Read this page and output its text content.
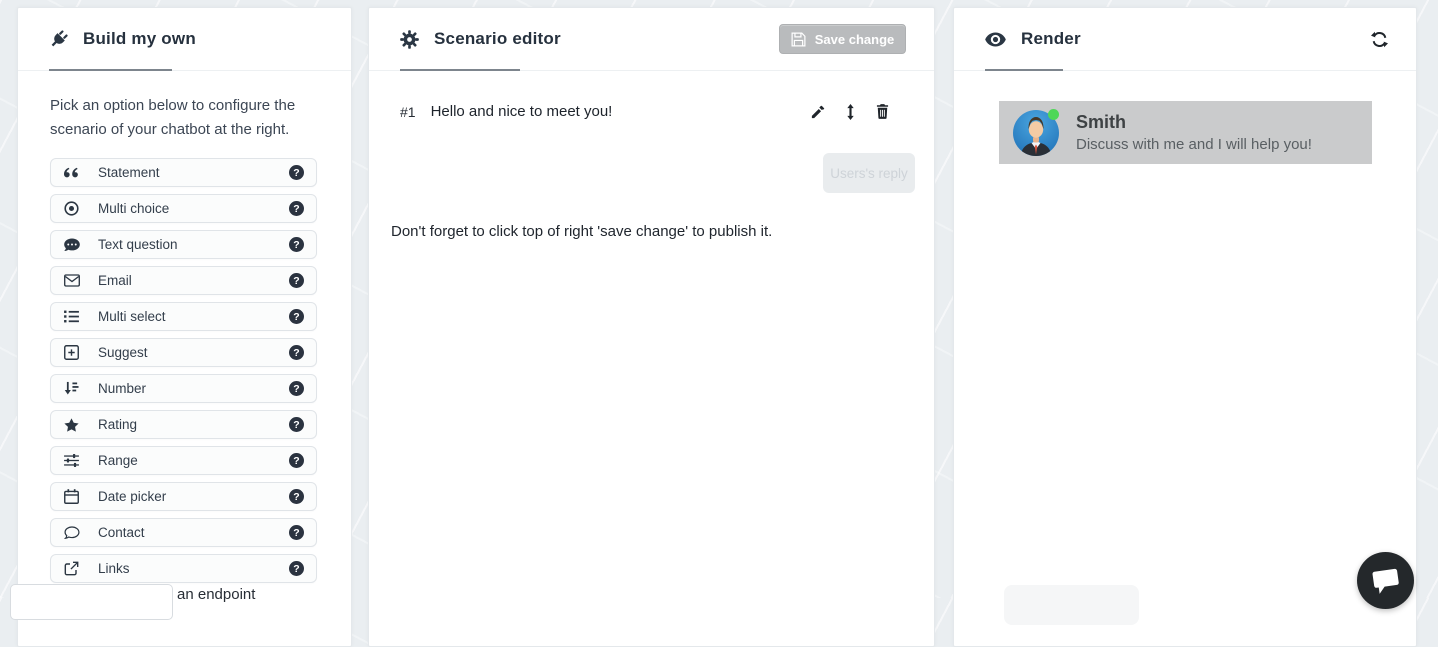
Build my own

Pick an option below to configure the scenario of your chatbot at the right.

Statement	?
Multi choice	?
Text question	?
Email	?
Multi select	?
Suggest	?
Number	?
Rating	?
Range	?
Date picker	?
Contact	?
Links	?
Scenario editor	Save change
#1 Hello and nice to meet you!
Users's reply

Don't forget to click top of right 'save change' to publish it.

Render
Smith
Discuss with me and I will help you!
an endpoint
